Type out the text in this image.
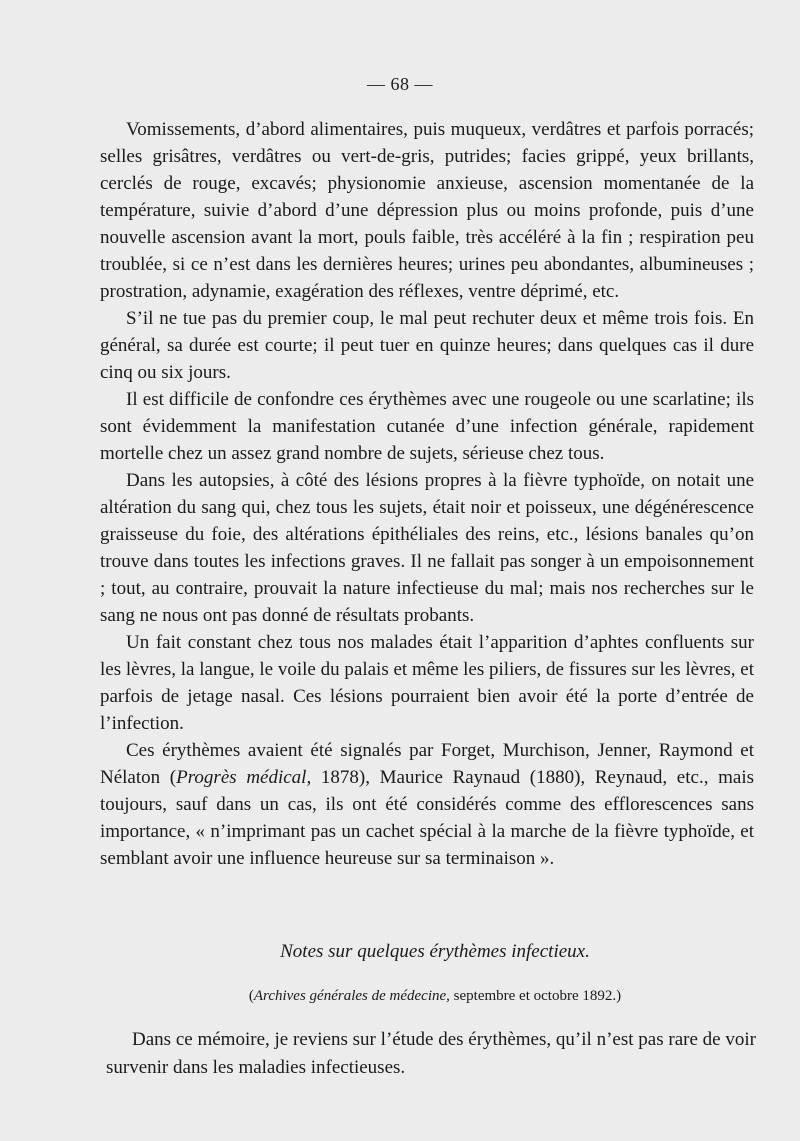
— 68 —

Vomissements, d’abord alimentaires, puis muqueux, verdâtres et parfois porracés; selles grisâtres, verdâtres ou vert-de-gris, putrides; facies grippé, yeux brillants, cerclés de rouge, excavés; physionomie anxieuse, ascension momentanée de la température, suivie d’abord d’une dépression plus ou moins profonde, puis d’une nouvelle ascension avant la mort, pouls faible, très accéléré à la fin ; respiration peu troublée, si ce n’est dans les dernières heures; urines peu abondantes, albumineuses ; prostration, adynamie, exagération des réflexes, ventre déprimé, etc.

S’il ne tue pas du premier coup, le mal peut rechuter deux et même trois fois. En général, sa durée est courte; il peut tuer en quinze heures; dans quelques cas il dure cinq ou six jours.

Il est difficile de confondre ces érythèmes avec une rougeole ou une scarlatine; ils sont évidemment la manifestation cutanée d’une infection générale, rapidement mortelle chez un assez grand nombre de sujets, sérieuse chez tous.

Dans les autopsies, à côté des lésions propres à la fièvre typhoïde, on notait une altération du sang qui, chez tous les sujets, était noir et poisseux, une dégénérescence graisseuse du foie, des altérations épithéliales des reins, etc., lésions banales qu’on trouve dans toutes les infections graves. Il ne fallait pas songer à un empoisonnement ; tout, au contraire, prouvait la nature infectieuse du mal; mais nos recherches sur le sang ne nous ont pas donné de résultats probants.

Un fait constant chez tous nos malades était l’apparition d’aphtes confluents sur les lèvres, la langue, le voile du palais et même les piliers, de fissures sur les lèvres, et parfois de jetage nasal. Ces lésions pourraient bien avoir été la porte d’entrée de l’infection.

Ces érythèmes avaient été signalés par Forget, Murchison, Jenner, Raymond et Nélaton (Progrès médical, 1878), Maurice Raynaud (1880), Reynaud, etc., mais toujours, sauf dans un cas, ils ont été considérés comme des efflorescences sans importance, « n’imprimant pas un cachet spécial à la marche de la fièvre typhoïde, et semblant avoir une influence heureuse sur sa terminaison ».

Notes sur quelques érythèmes infectieux.
(Archives générales de médecine, septembre et octobre 1892.)

Dans ce mémoire, je reviens sur l’étude des érythèmes, qu’il n’est pas rare de voir survenir dans les maladies infectieuses.
